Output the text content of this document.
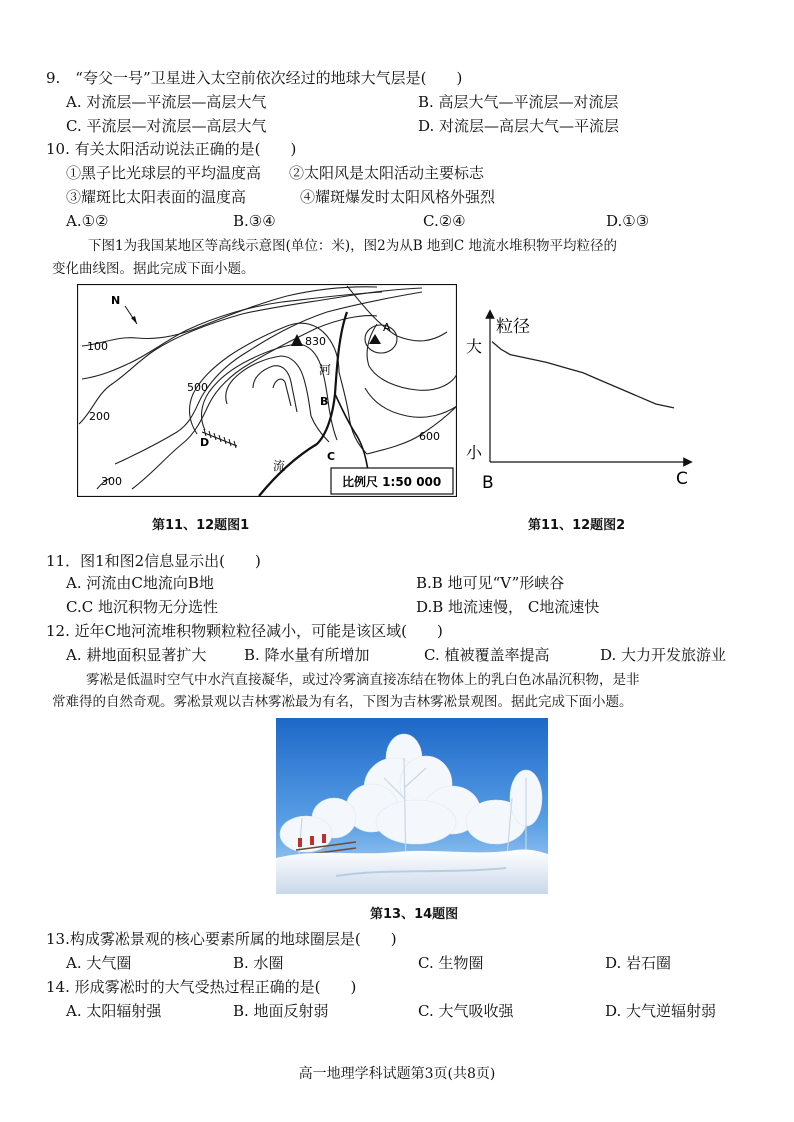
9.　“夸父一号”卫星进入太空前依次经过的地球大气层是(　　)
A. 对流层—平流层—高层大气	B. 高层大气—平流层—对流层
C. 平流层—对流层—高层大气	D. 对流层—高层大气—平流层
10. 有关太阳活动说法正确的是(　　)
①黑子比光球层的平均温度高 ②太阳风是太阳活动主要标志
③耀斑比太阳表面的温度高	④耀斑爆发时太阳风格外强烈
A.①②	B.③④	C.②④	D.①③
下图1为我国某地区等高线示意图(单位：米)，图2为从B 地到C 地流水堆积物平均粒径的
变化曲线图。据此完成下面小题。
N
100
200
300
500
600
830
A
B
C
D
河
流
比例尺 1:50 000
粒径
大
小
B	C
第11、12题图1	第11、12题图2
11．图1和图2信息显示出(　　)
A. 河流由C地流向B地	B.B 地可见“V”形峡谷
C.C 地沉积物无分选性	D.B 地流速慢， C地流速快
12. 近年C地河流堆积物颗粒粒径减小，可能是该区域(　　)
A. 耕地面积显著扩大	B. 降水量有所增加	C. 植被覆盖率提高	D. 大力开发旅游业
雾凇是低温时空气中水汽直接凝华，或过冷雾滴直接冻结在物体上的乳白色冰晶沉积物，是非
常难得的自然奇观。雾凇景观以吉林雾凇最为有名，下图为吉林雾凇景观图。据此完成下面小题。
第13、14题图
13.构成雾凇景观的核心要素所属的地球圈层是(　　)
A. 大气圈	B. 水圈	C. 生物圈	D. 岩石圈
14. 形成雾凇时的大气受热过程正确的是(　　)
A. 太阳辐射强	B. 地面反射弱	C. 大气吸收强	D. 大气逆辐射弱
高一地理学科试题第3页(共8页)
